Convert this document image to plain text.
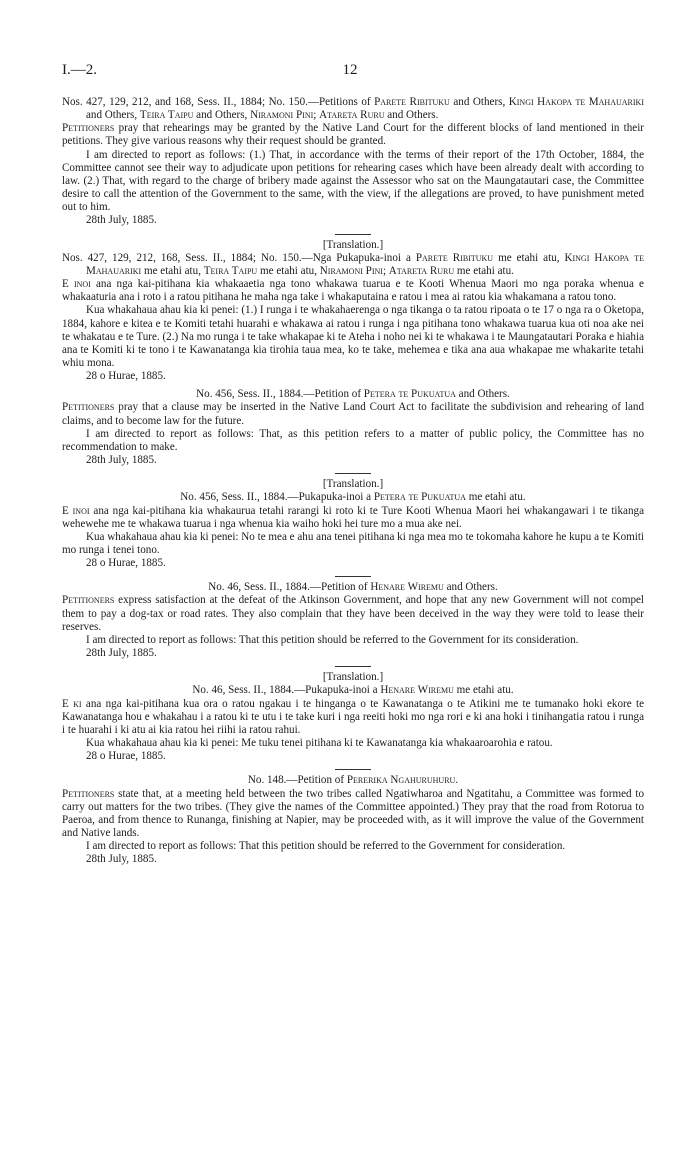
I.—2.	12

Nos. 427, 129, 212, and 168, Sess. II., 1884; No. 150.—Petitions of Parete Ribituku and Others, Kingi Hakopa te Mahauariki and Others, Teira Taipu and Others, Niramoni Pini; Atareta Ruru and Others.

Petitioners pray that rehearings may be granted by the Native Land Court for the different blocks of land mentioned in their petitions. They give various reasons why their request should be granted.

I am directed to report as follows: (1.) That, in accordance with the terms of their report of the 17th October, 1884, the Committee cannot see their way to adjudicate upon petitions for rehearing cases which have been already dealt with according to law. (2.) That, with regard to the charge of bribery made against the Assessor who sat on the Maungatautari case, the Committee desire to call the attention of the Government to the same, with the view, if the allegations are proved, to have punishment meted out to him.

28th July, 1885.

[Translation.]

Nos. 427, 129, 212, 168, Sess. II., 1884; No. 150.—Nga Pukapuka-inoi a Parete Ribituku me etahi atu, Kingi Hakopa te Mahauariki me etahi atu, Teira Taipu me etahi atu, Niramoni Pini; Atareta Ruru me etahi atu.

E inoi ana nga kai-pitihana kia whakaaetia nga tono whakawa tuarua e te Kooti Whenua Maori mo nga poraka whenua e whakaaturia ana i roto i a ratou pitihana he maha nga take i whakaputaina e ratou i mea ai ratou kia whakamana a ratou tono.

Kua whakahaua ahau kia ki penei: (1.) I runga i te whakahaerenga o nga tikanga o ta ratou ripoata o te 17 o nga ra o Oketopa, 1884, kahore e kitea e te Komiti tetahi huarahi e whakawa ai ratou i runga i nga pitihana tono whakawa tuarua kua oti noa ake nei te whakatau e te Ture. (2.) Na mo runga i te take whakapae ki te Ateha i noho nei ki te whakawa i te Maungatautari Poraka e hiahia ana te Komiti ki te tono i te Kawanatanga kia tirohia taua mea, ko te take, mehemea e tika ana aua whakapae me whakarite tetahi whiu mona.

28 o Hurae, 1885.

No. 456, Sess. II., 1884.—Petition of Petera te Pukuatua and Others.

Petitioners pray that a clause may be inserted in the Native Land Court Act to facilitate the subdivision and rehearing of land claims, and to become law for the future.

I am directed to report as follows: That, as this petition refers to a matter of public policy, the Committee has no recommendation to make.

28th July, 1885.

[Translation.]

No. 456, Sess. II., 1884.—Pukapuka-inoi a Petera te Pukuatua me etahi atu.

E inoi ana nga kai-pitihana kia whakaurua tetahi rarangi ki roto ki te Ture Kooti Whenua Maori hei whakangawari i te tikanga wehewehe me te whakawa tuarua i nga whenua kia waiho hoki hei ture mo a mua ake nei.

Kua whakahaua ahau kia ki penei: No te mea e ahu ana tenei pitihana ki nga mea mo te tokomaha kahore he kupu a te Komiti mo runga i tenei tono.

28 o Hurae, 1885.

No. 46, Sess. II., 1884.—Petition of Henare Wiremu and Others.

Petitioners express satisfaction at the defeat of the Atkinson Government, and hope that any new Government will not compel them to pay a dog-tax or road rates. They also complain that they have been deceived in the way they were told to lease their reserves.

I am directed to report as follows: That this petition should be referred to the Government for its consideration.

28th July, 1885.

[Translation.]

No. 46, Sess. II., 1884.—Pukapuka-inoi a Henare Wiremu me etahi atu.

E ki ana nga kai-pitihana kua ora o ratou ngakau i te hinganga o te Kawanatanga o te Atikini me te tumanako hoki ekore te Kawanatanga hou e whakahau i a ratou ki te utu i te take kuri i nga reeiti hoki mo nga rori e ki ana hoki i tinihangatia ratou i runga i te huarahi i ki atu ai kia ratou hei riihi ia ratou rahui.

Kua whakahaua ahau kia ki penei: Me tuku tenei pitihana ki te Kawanatanga kia whakaaroarohia e ratou.

28 o Hurae, 1885.

No. 148.—Petition of Pererika Ngahuruhuru.

Petitioners state that, at a meeting held between the two tribes called Ngatiwharoa and Ngatitahu, a Committee was formed to carry out matters for the two tribes. (They give the names of the Committee appointed.) They pray that the road from Rotorua to Paeroa, and from thence to Runanga, finishing at Napier, may be proceeded with, as it will improve the value of the Government and Native lands.

I am directed to report as follows: That this petition should be referred to the Government for consideration.

28th July, 1885.
